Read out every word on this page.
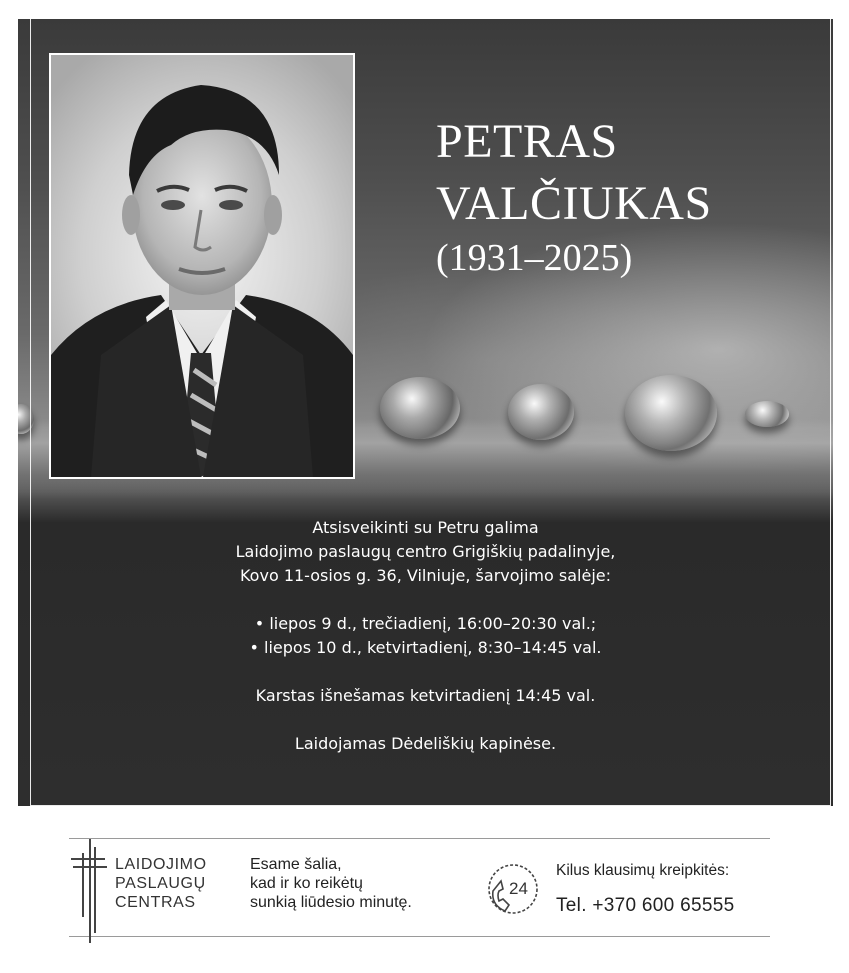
PETRAS
VALČIUKAS
(1931–2025)

Atsisveikinti su Petru galima

Laidojimo paslaugų centro Grigiškių padalinyje,

Kovo 11-osios g. 36, Vilniuje, šarvojimo salėje:

• liepos 9 d., trečiadienį, 16:00–20:30 val.;

• liepos 10 d., ketvirtadienį, 8:30–14:45 val.

Karstas išnešamas ketvirtadienį 14:45 val.

Laidojamas Dėdeliškių kapinėse.

LAIDOJIMO
PASLAUGŲ
CENTRAS
Esame šalia,
kad ir ko reikėtų
sunkią liūdesio minutę.
24
Kilus klausimų kreipkitės:
Tel. +370 600 65555
